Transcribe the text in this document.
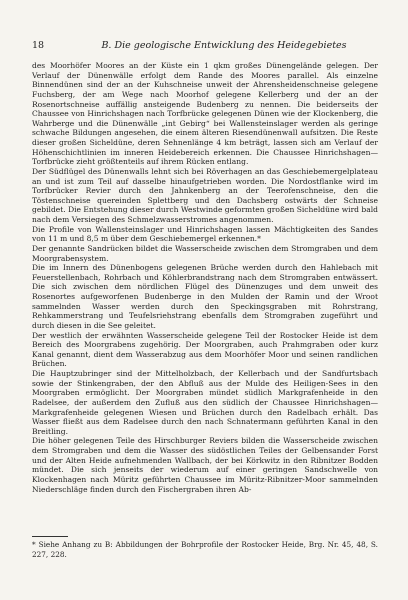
18	B. Die geologische Entwicklung des Heidegebietes

des Moorhöfer Moores an der Küste ein 1 qkm großes Dünengelände gelegen. Der Verlauf der Dünenwälle erfolgt dem Rande des Moores parallel. Als einzelne Binnendünen sind der an der Kuhschneise unweit der Ahrensheidenschneise gelegene Fuchsberg, der am Wege nach Moorhof gelegene Kellerberg und der an der Rosenortschneise auffällig ansteigende Budenberg zu nennen. Die beiderseits der Chaussee von Hinrichshagen nach Torfbrücke gelegenen Dünen wie der Klockenberg, die Wahrberge und die Dünenwälle „int Gebirg“ bei Wallensteinslager werden als geringe schwache Bildungen angesehen, die einem älteren Riesendünenwall aufsitzen. Die Reste dieser großen Sicheldüne, deren Sehnenlänge 4 km beträgt, lassen sich am Verlauf der Höhenschichtlinien im inneren Heidebereich erkennen. Die Chaussee Hinrichshagen—Torfbrücke zieht größtenteils auf ihrem Rücken entlang.

Der Südflügel des Dünenwalls lehnt sich bei Röverhagen an das Geschiebemergelplateau an und ist zum Teil auf dasselbe hinaufgetrieben worden. Die Nordostflanke wird im Torfbrücker Revier durch den Jahnkenberg an der Teerofenschneise, den die Töstenschneise quereinden Splettberg und den Dachsberg ostwärts der Schneise gebildet. Die Entstehung dieser durch Westwinde geformten großen Sicheldüne wird bald nach dem Versiegen des Schmelzwasserstromes angenommen.

Die Profile von Wallensteinslager und Hinrichshagen lassen Mächtigkeiten des Sandes von 11 m und 8,5 m über dem Geschiebemergel erkennen.*

Der genannte Sandrücken bildet die Wasserscheide zwischen dem Stromgraben und dem Moorgrabensystem.

Die im Innern des Dünenbogens gelegenen Brüche werden durch den Hahlebach mit Feuerstellenbach, Rohrbach und Köhlerbrandstrang nach dem Stromgraben entwässert. Die sich zwischen dem nördlichen Flügel des Dünenzuges und dem unweit des Rosenortes aufgeworfenen Budenberge in den Mulden der Ramin und der Wroot sammelnden Wasser werden durch den Speckingsgraben mit Rohrstrang, Rehkammerstrang und Teufelsriehstrang ebenfalls dem Stromgraben zugeführt und durch diesen in die See geleitet.

Der westlich der erwähnten Wasserscheide gelegene Teil der Rostocker Heide ist dem Bereich des Moorgrabens zugehörig. Der Moorgraben, auch Prahmgraben oder kurz Kanal genannt, dient dem Wasserabzug aus dem Moorhöfer Moor und seinen randlichen Brüchen.

Die Hauptzubringer sind der Mittelholzbach, der Kellerbach und der Sandfurtsbach sowie der Stinkengraben, der den Abfluß aus der Mulde des Heiligen-Sees in den Moorgraben ermöglicht. Der Moorgraben mündet südlich Markgrafenheide in den Radelsee, der außerdem den Zufluß aus den südlich der Chaussee Hinrichshagen—Markgrafenheide gelegenen Wiesen und Brüchen durch den Radelbach erhält. Das Wasser fließt aus dem Radelsee durch den nach Schnatermann geführten Kanal in den Breitling.

Die höher gelegenen Teile des Hirschburger Reviers bilden die Wasserscheide zwischen dem Stromgraben und dem die Wasser des südöstlichen Teiles der Gelbensander Forst und der Alten Heide aufnehmenden Wallbach, der bei Körkwitz in den Ribnitzer Bodden mündet. Die sich jenseits der wiederum auf einer geringen Sandschwelle von Klockenhagen nach Müritz geführten Chaussee im Müritz-Ribnitzer-Moor sammelnden Niederschläge finden durch den Fischergraben ihren Ab-

* Siehe Anhang zu B: Abbildungen der Bohrprofile der Rostocker Heide, Brg. Nr. 45, 48, S. 227, 228.
